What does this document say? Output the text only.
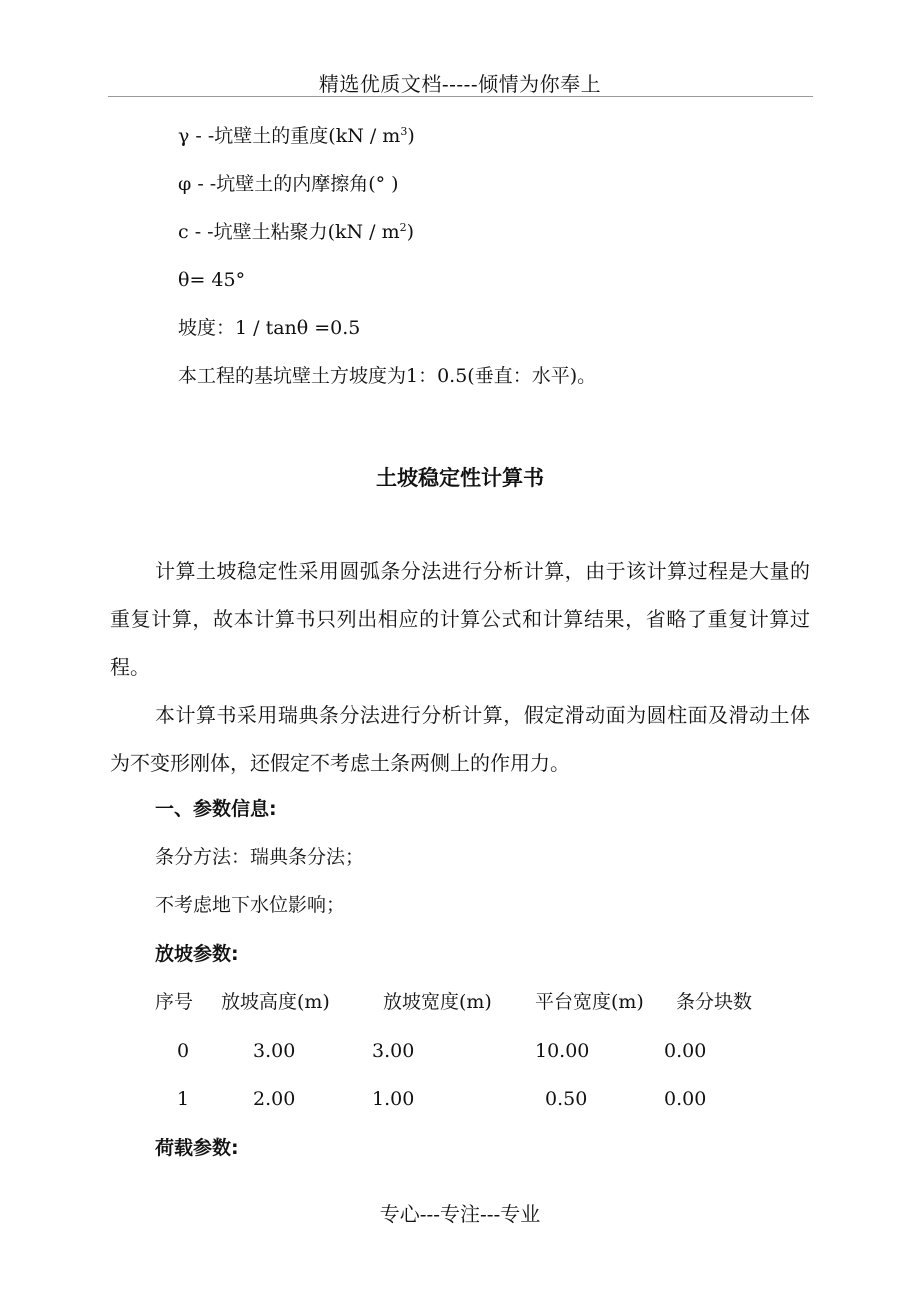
精选优质文档-----倾情为你奉上
γ - -坑壁土的重度$(kN / m^3)$
φ - -坑壁土的内摩擦角(° )
c - -坑壁土粘聚力$(kN / m^2)$
θ= 45°
坡度：1 / tanθ =0.5
本工程的基坑壁土方坡度为1：0.5(垂直：水平)。
土坡稳定性计算书

计算土坡稳定性采用圆弧条分法进行分析计算，由于该计算过程是大量的重复计算，故本计算书只列出相应的计算公式和计算结果，省略了重复计算过程。

本计算书采用瑞典条分法进行分析计算，假定滑动面为圆柱面及滑动土体为不变形刚体，还假定不考虑土条两侧上的作用力。

一、参数信息:
条分方法：瑞典条分法；
不考虑地下水位影响；
放坡参数:
序号 放坡高度(m)	放坡宽度(m) 平台宽度(m) 条分块数
0	3.00	3.00	10.00	0.00
1	2.00	1.00	0.50	0.00
荷载参数:
专心---专注---专业
